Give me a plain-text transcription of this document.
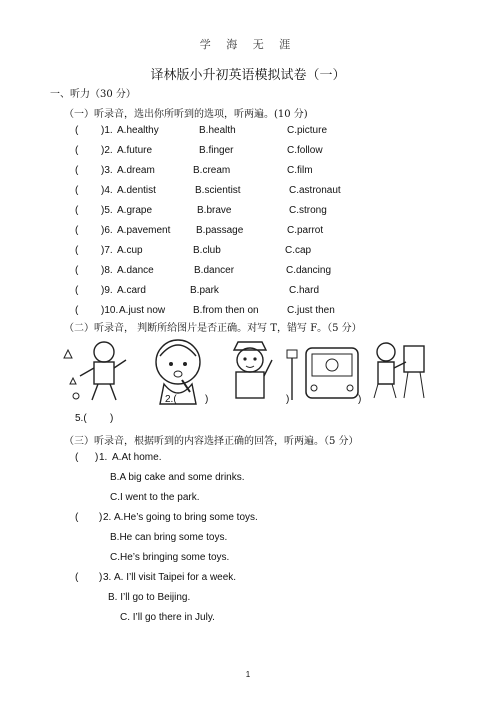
学 海 无 涯
译林版小升初英语模拟试卷（一）
一、听力（30 分）
（一）听录音，选出你所听到的选项，听两遍。(10 分)
( )1. A.healthy	B.health	C.picture
( )2. A.future	B.finger	C.follow
( )3. A.dream	B.cream	C.film
( )4. A.dentist	B.scientist	C.astronaut
( )5. A.grape	B.brave	C.strong
( )6. A.pavement	B.passage	C.parrot
( )7. A.cup	B.club	C.cap
( )8. A.dance	B.dancer	C.dancing
( )9. A.card	B.park	C.hard
( )10. A.just now	B.from then on	C.just then
（二）听录音， 判断所给图片是否正确。对写 T，错写 F。（5 分）
2.(	)	)	)
5.( )
（三）听录音，根据听到的内容选择正确的回答，听两遍。（5 分）
( ) 1. A.At home.
B.A big cake and some drinks.
C.I went to the park.
( ) 2. A.He’s going to bring some toys.
B.He can bring some toys.
C.He’s bringing some toys.
( ) 3. A. I’ll visit Taipei for a week.
B. I’ll go to Beijing.
C. I’ll go there in July.
1
